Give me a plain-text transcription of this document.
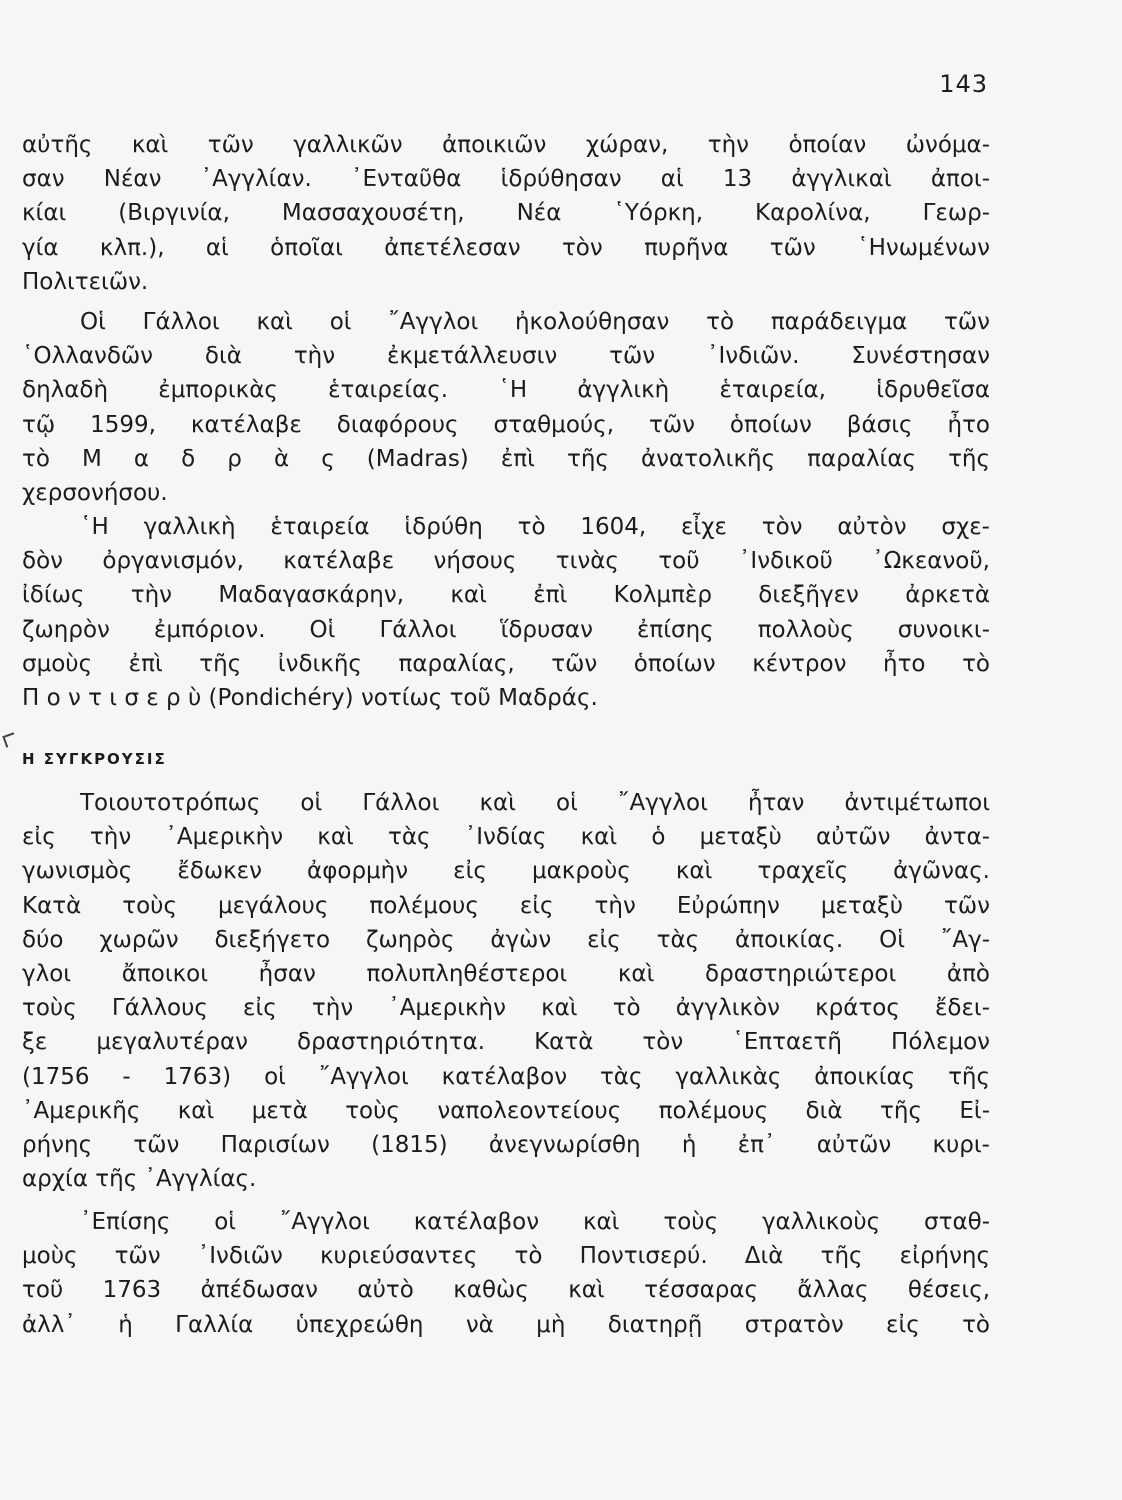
143
αὐτῆς καὶ τῶν γαλλικῶν ἀποικιῶν χώραν, τὴν ὁποίαν ὠνόμα-
σαν Νέαν ᾿Αγγλίαν. ᾿Ενταῦθα ἱδρύθησαν αἱ 13 ἀγγλικαὶ ἀποι-
κίαι (Βιργινία, Μασσαχουσέτη, Νέα ῾Υόρκη, Καρολίνα, Γεωρ-
γία κλπ.), αἱ ὁποῖαι ἀπετέλεσαν τὸν πυρῆνα τῶν ῾Ηνωμένων
Πολιτειῶν.
Οἱ Γάλλοι καὶ οἱ ῎Αγγλοι ἠκολούθησαν τὸ παράδειγμα τῶν
῾Ολλανδῶν διὰ τὴν ἐκμετάλλευσιν τῶν ᾿Ινδιῶν. Συνέστησαν
δηλαδὴ ἐμπορικὰς ἑταιρείας. ῾Η ἀγγλικὴ ἑταιρεία, ἱδρυθεῖσα
τῷ 1599, κατέλαβε διαφόρους σταθμούς, τῶν ὁποίων βάσις ἦτο
τὸ Μ α δ ρ ὰ ς (Madras) ἐπὶ τῆς ἀνατολικῆς παραλίας τῆς
χερσονήσου.
῾Η γαλλικὴ ἑταιρεία ἱδρύθη τὸ 1604, εἶχε τὸν αὐτὸν σχε-
δὸν ὀργανισμόν, κατέλαβε νήσους τινὰς τοῦ ᾿Ινδικοῦ ᾿Ωκεανοῦ,
ἰδίως τὴν Μαδαγασκάρην, καὶ ἐπὶ Κολμπὲρ διεξῆγεν ἀρκετὰ
ζωηρὸν ἐμπόριον. Οἱ Γάλλοι ἵδρυσαν ἐπίσης πολλοὺς συνοικι-
σμοὺς ἐπὶ τῆς ἰνδικῆς παραλίας, τῶν ὁποίων κέντρον ἦτο τὸ
Π ο ν τ ι σ ε ρ ὺ (Pondichéry) νοτίως τοῦ Μαδράς.
Η ΣΥΓΚΡΟΥΣΙΣ
Τοιουτοτρόπως οἱ Γάλλοι καὶ οἱ ῎Αγγλοι ἦταν ἀντιμέτωποι
εἰς τὴν ᾿Αμερικὴν καὶ τὰς ᾿Ινδίας καὶ ὁ μεταξὺ αὐτῶν ἀντα-
γωνισμὸς ἔδωκεν ἀφορμὴν εἰς μακροὺς καὶ τραχεῖς ἀγῶνας.
Κατὰ τοὺς μεγάλους πολέμους εἰς τὴν Εὐρώπην μεταξὺ τῶν
δύο χωρῶν διεξήγετο ζωηρὸς ἀγὼν εἰς τὰς ἀποικίας. Οἱ ῎Αγ-
γλοι ἄποικοι ἦσαν πολυπληθέστεροι καὶ δραστηριώτεροι ἀπὸ
τοὺς Γάλλους εἰς τὴν ᾿Αμερικὴν καὶ τὸ ἀγγλικὸν κράτος ἔδει-
ξε μεγαλυτέραν δραστηριότητα. Κατὰ τὸν ῾Επταετῆ Πόλεμον
(1756 - 1763) οἱ ῎Αγγλοι κατέλαβον τὰς γαλλικὰς ἀποικίας τῆς
᾿Αμερικῆς καὶ μετὰ τοὺς ναπολεοντείους πολέμους διὰ τῆς Εἰ-
ρήνης τῶν Παρισίων (1815) ἀνεγνωρίσθη ἡ ἐπ᾿ αὐτῶν κυρι-
αρχία τῆς ᾿Αγγλίας.
᾿Επίσης οἱ ῎Αγγλοι κατέλαβον καὶ τοὺς γαλλικοὺς σταθ-
μοὺς τῶν ᾿Ινδιῶν κυριεύσαντες τὸ Ποντισερύ. Διὰ τῆς εἰρήνης
τοῦ 1763 ἀπέδωσαν αὐτὸ καθὼς καὶ τέσσαρας ἄλλας θέσεις,
ἀλλ᾿ ἡ Γαλλία ὑπεχρεώθη νὰ μὴ διατηρῇ στρατὸν εἰς τὸ
